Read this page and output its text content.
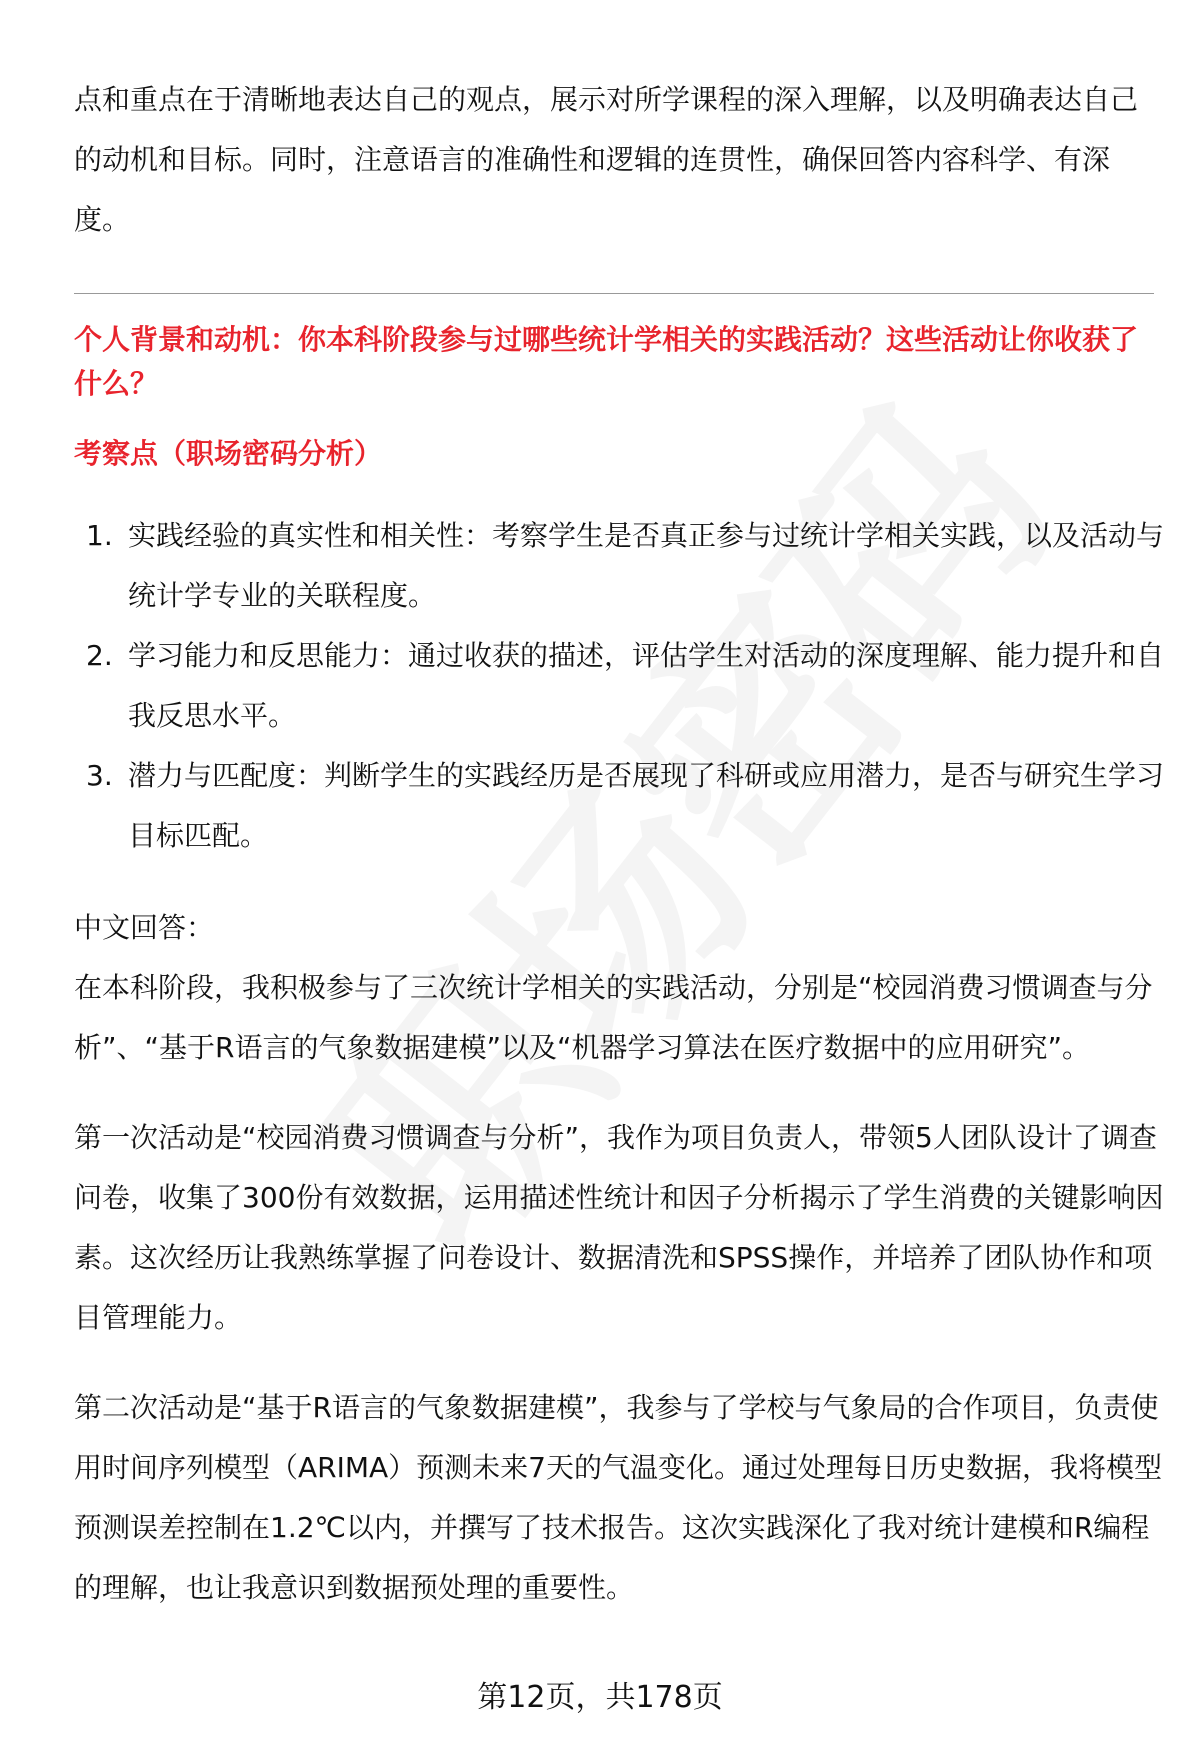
点和重点在于清晰地表达自己的观点，展示对所学课程的深入理解，以及明确表达自己的动机和目标。同时，注意语言的准确性和逻辑的连贯性，确保回答内容科学、有深度。

个人背景和动机：你本科阶段参与过哪些统计学相关的实践活动？这些活动让你收获了什么？
考察点（职场密码分析）
1. 实践经验的真实性和相关性：考察学生是否真正参与过统计学相关实践，以及活动与统计学专业的关联程度。
2. 学习能力和反思能力：通过收获的描述，评估学生对活动的深度理解、能力提升和自我反思水平。
3. 潜力与匹配度：判断学生的实践经历是否展现了科研或应用潜力，是否与研究生学习目标匹配。
中文回答：

在本科阶段，我积极参与了三次统计学相关的实践活动，分别是“校园消费习惯调查与分析”、“基于R语言的气象数据建模”以及“机器学习算法在医疗数据中的应用研究”。

第一次活动是“校园消费习惯调查与分析”，我作为项目负责人，带领5人团队设计了调查问卷，收集了300份有效数据，运用描述性统计和因子分析揭示了学生消费的关键影响因素。这次经历让我熟练掌握了问卷设计、数据清洗和SPSS操作，并培养了团队协作和项目管理能力。

第二次活动是“基于R语言的气象数据建模”，我参与了学校与气象局的合作项目，负责使用时间序列模型（ARIMA）预测未来7天的气温变化。通过处理每日历史数据，我将模型预测误差控制在1.2℃以内，并撰写了技术报告。这次实践深化了我对统计建模和R编程的理解，也让我意识到数据预处理的重要性。

第12页，共178页
